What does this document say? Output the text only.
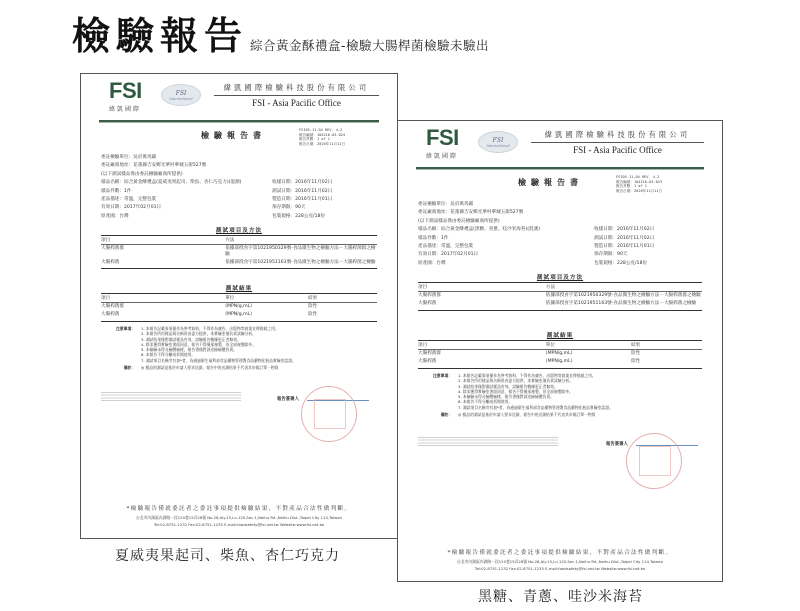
檢驗報告 綜合黃金酥禮盒-檢驗大腸桿菌檢驗未驗出
FSI
緯凱國際
FSI
International
緯凱國際檢驗科技股份有限公司
FSI - Asia Pacific Office
檢驗報告書	FSI05-11-04 REV. 4.2
報告編號：104216-03-024
報告頁數：1 of 1
報告日期：2016年11月11日
委託檢驗單位：吳府萬馬鋪
委託廠商地址：花蓮縣吉安鄉光華村華城五街527號
(以下測試樣品係由委託檢驗廠商所提供)
樣品名稱：綜合黃金酥禮盒(夏威夷果起司、柴魚、杏仁巧克力)(混測)	收樣日期：2016年11月02日
樣品件數：1件	測試日期：2016年11月02日
產品描述：常溫，完整包裝	製造日期：2016年11月01日
有效日期：2017年02月01日	保存期限：90天
原產國：台灣	包裝規格：228公克/18份
測試項目及方法
項目	方法
大腸桿菌群	依據部授食字第1021950329號-食品微生物之檢驗方法－大腸桿菌群之檢驗
大腸桿菌	依據部授食字第1021951163號-食品微生物之檢驗方法－大腸桿菌之檢驗
測試結果
項目	單位	結果
大腸桿菌群	(MPN/g,mL)	陰性
大腸桿菌	(MPN/g,mL)	陰性
注意事項：	1. 本報告記載事項僅作為參考資料，不得作為廣告、出版物等商業宣傳推銷之用。
2. 本報告所用樣品與名稱係由委方提供，本實驗室僅負責試驗分析。
3. 測試結果僅對測試樣品有效，試驗報告數據更正者無效。
4. 除非獲得實驗室書面同意，報告不得擅部複製，但全部複製除外。
5. 本檢驗未得允檢體檢樣，報告書僅對該送檢檢體負責。
6. 本報告不得分離或拆開使用。
7. 測試項目名稱旁有加*者，為通過衛生福利部食品藥物管理署食品藥物化粧品實驗室認證。
備註：	◎ 樣品的測試是基於申請人要求送測，報告中的送測結果不代表其申報訂單一物質
報告簽署人
*檢驗報告僅就委託者之委託事項提供檢驗結果，不對產品合法性做判斷。
台北市內湖區內湖路一段120巷15弄28號 No.28,Aly.15,Ln.120,Sec.1,Neihu Rd.,Neihu Dist.,Taipei City 114,Taiwan
Tel:02-8751-1232 Fax:02-8751-1235 E-mail:foodsafety@fsi.net.tw Website:www.fsi.net.tw
FSI
緯凱國際
FSI
International
緯凱國際檢驗科技股份有限公司
FSI - Asia Pacific Office
檢驗報告書	FSI05-11-04 REV. 4.2
報告編號：104216-03-023
報告頁數：1 of 1
報告日期：2016年11月11日
委託檢驗單位：吳府萬馬鋪
委託廠商地址：花蓮縣吉安鄉光華村華城五街527號
(以下測試樣品係由委託檢驗廠商所提供)
樣品名稱：綜合黃金酥禮盒(黑糖、青蔥、哇沙米海苔)(混測)	收樣日期：2016年11月02日
樣品件數：1件	測試日期：2016年11月02日
產品描述：常溫，完整包裝	製造日期：2016年11月01日
有效日期：2017年02月01日	保存期限：90天
原產國：台灣	包裝規格：228公克/18份
測試項目及方法
項目	方法
大腸桿菌群	依據部授食字第1021950329號-食品微生物之檢驗方法－大腸桿菌群之檢驗
大腸桿菌	依據部授食字第1021951163號-食品微生物之檢驗方法－大腸桿菌之檢驗
測試結果
項目	單位	結果
大腸桿菌群	(MPN/g,mL)	陰性
大腸桿菌	(MPN/g,mL)	陰性
注意事項：	1. 本報告記載事項僅作為參考資料，不得作為廣告、出版物等商業宣傳推銷之用。
2. 本報告所用樣品與名稱係由委方提供，本實驗室僅負責試驗分析。
3. 測試結果僅對測試樣品有效，試驗報告數據更正者無效。
4. 除非獲得實驗室書面同意，報告不得擅部複製，但全部複製除外。
5. 本檢驗未得允檢體檢樣，報告書僅對該送檢檢體負責。
6. 本報告不得分離或拆開使用。
7. 測試項目名稱旁有加*者，為通過衛生福利部食品藥物管理署食品藥物化粧品實驗室認證。
備註：	◎ 樣品的測試是基於申請人要求送測，報告中的送測結果不代表其申報訂單一物質
報告簽署人
*檢驗報告僅就委託者之委託事項提供檢驗結果，不對產品合法性做判斷。
台北市內湖區內湖路一段120巷15弄28號 No.28,Aly.15,Ln.120,Sec.1,Neihu Rd.,Neihu Dist.,Taipei City 114,Taiwan
Tel:02-8751-1232 Fax:02-8751-1235 E-mail:foodsafety@fsi.net.tw Website:www.fsi.net.tw
夏威夷果起司、柴魚、杏仁巧克力
黑糖、青蔥、哇沙米海苔
